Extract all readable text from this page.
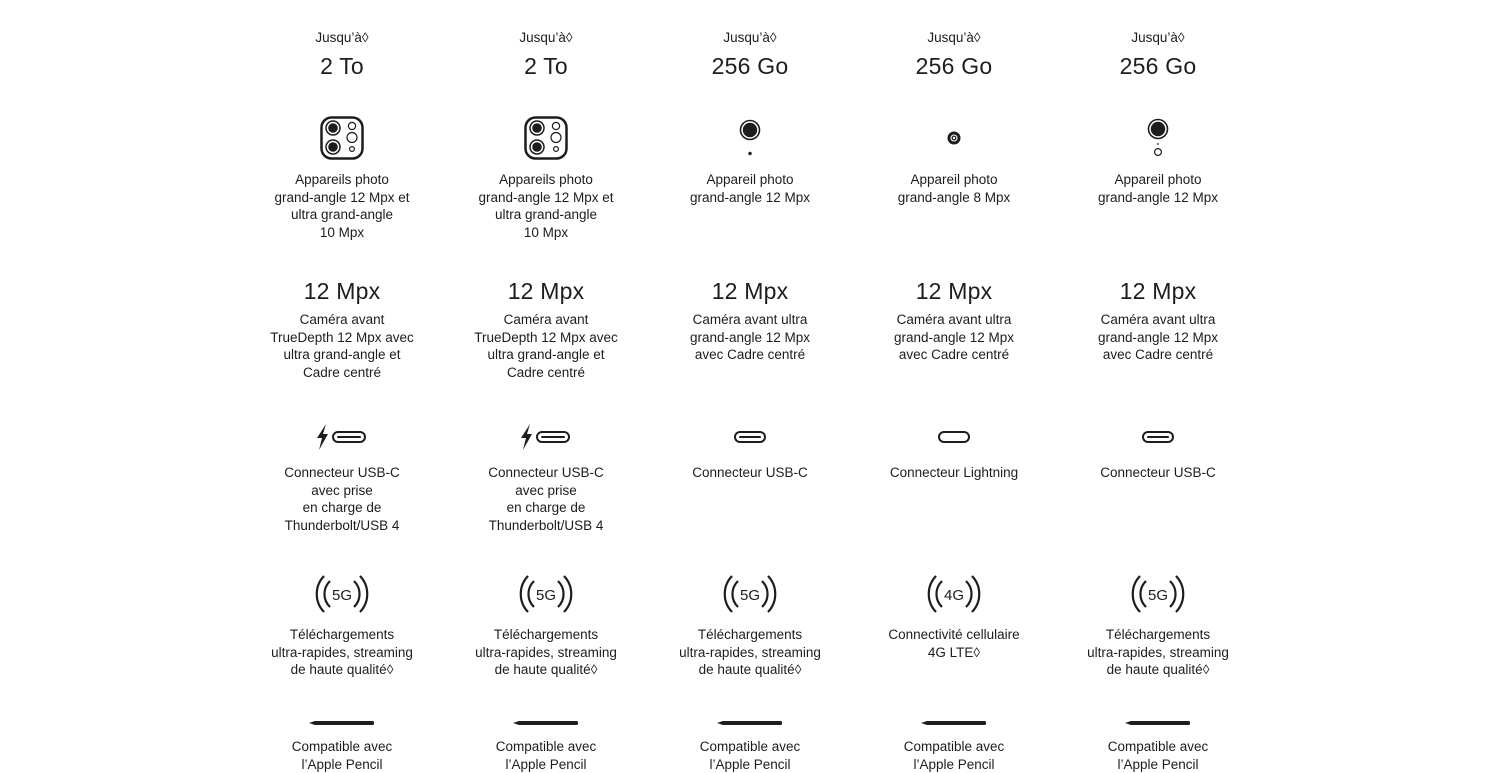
Jusqu’à◊
2 To
Appareils photo
grand-angle 12 Mpx et
ultra grand-angle
10 Mpx
12 Mpx
Caméra avant
TrueDepth 12 Mpx avec
ultra grand-angle et
Cadre centré
Connecteur USB-C
avec prise
en charge de
Thunderbolt/USB 4
5G
Téléchargements
ultra-rapides, streaming
de haute qualité◊
Compatible avec
l’Apple Pencil
Jusqu’à◊
2 To
Appareils photo
grand-angle 12 Mpx et
ultra grand-angle
10 Mpx
12 Mpx
Caméra avant
TrueDepth 12 Mpx avec
ultra grand-angle et
Cadre centré
Connecteur USB-C
avec prise
en charge de
Thunderbolt/USB 4
5G
Téléchargements
ultra-rapides, streaming
de haute qualité◊
Compatible avec
l’Apple Pencil
Jusqu’à◊
256 Go
Appareil photo
grand-angle 12 Mpx
12 Mpx
Caméra avant ultra
grand-angle 12 Mpx
avec Cadre centré
Connecteur USB-C
5G
Téléchargements
ultra-rapides, streaming
de haute qualité◊
Compatible avec
l’Apple Pencil
Jusqu’à◊
256 Go
Appareil photo
grand-angle 8 Mpx
12 Mpx
Caméra avant ultra
grand-angle 12 Mpx
avec Cadre centré
Connecteur Lightning
4G
Connectivité cellulaire
4G LTE◊
Compatible avec
l’Apple Pencil
Jusqu’à◊
256 Go
Appareil photo
grand-angle 12 Mpx
12 Mpx
Caméra avant ultra
grand-angle 12 Mpx
avec Cadre centré
Connecteur USB-C
5G
Téléchargements
ultra-rapides, streaming
de haute qualité◊
Compatible avec
l’Apple Pencil
